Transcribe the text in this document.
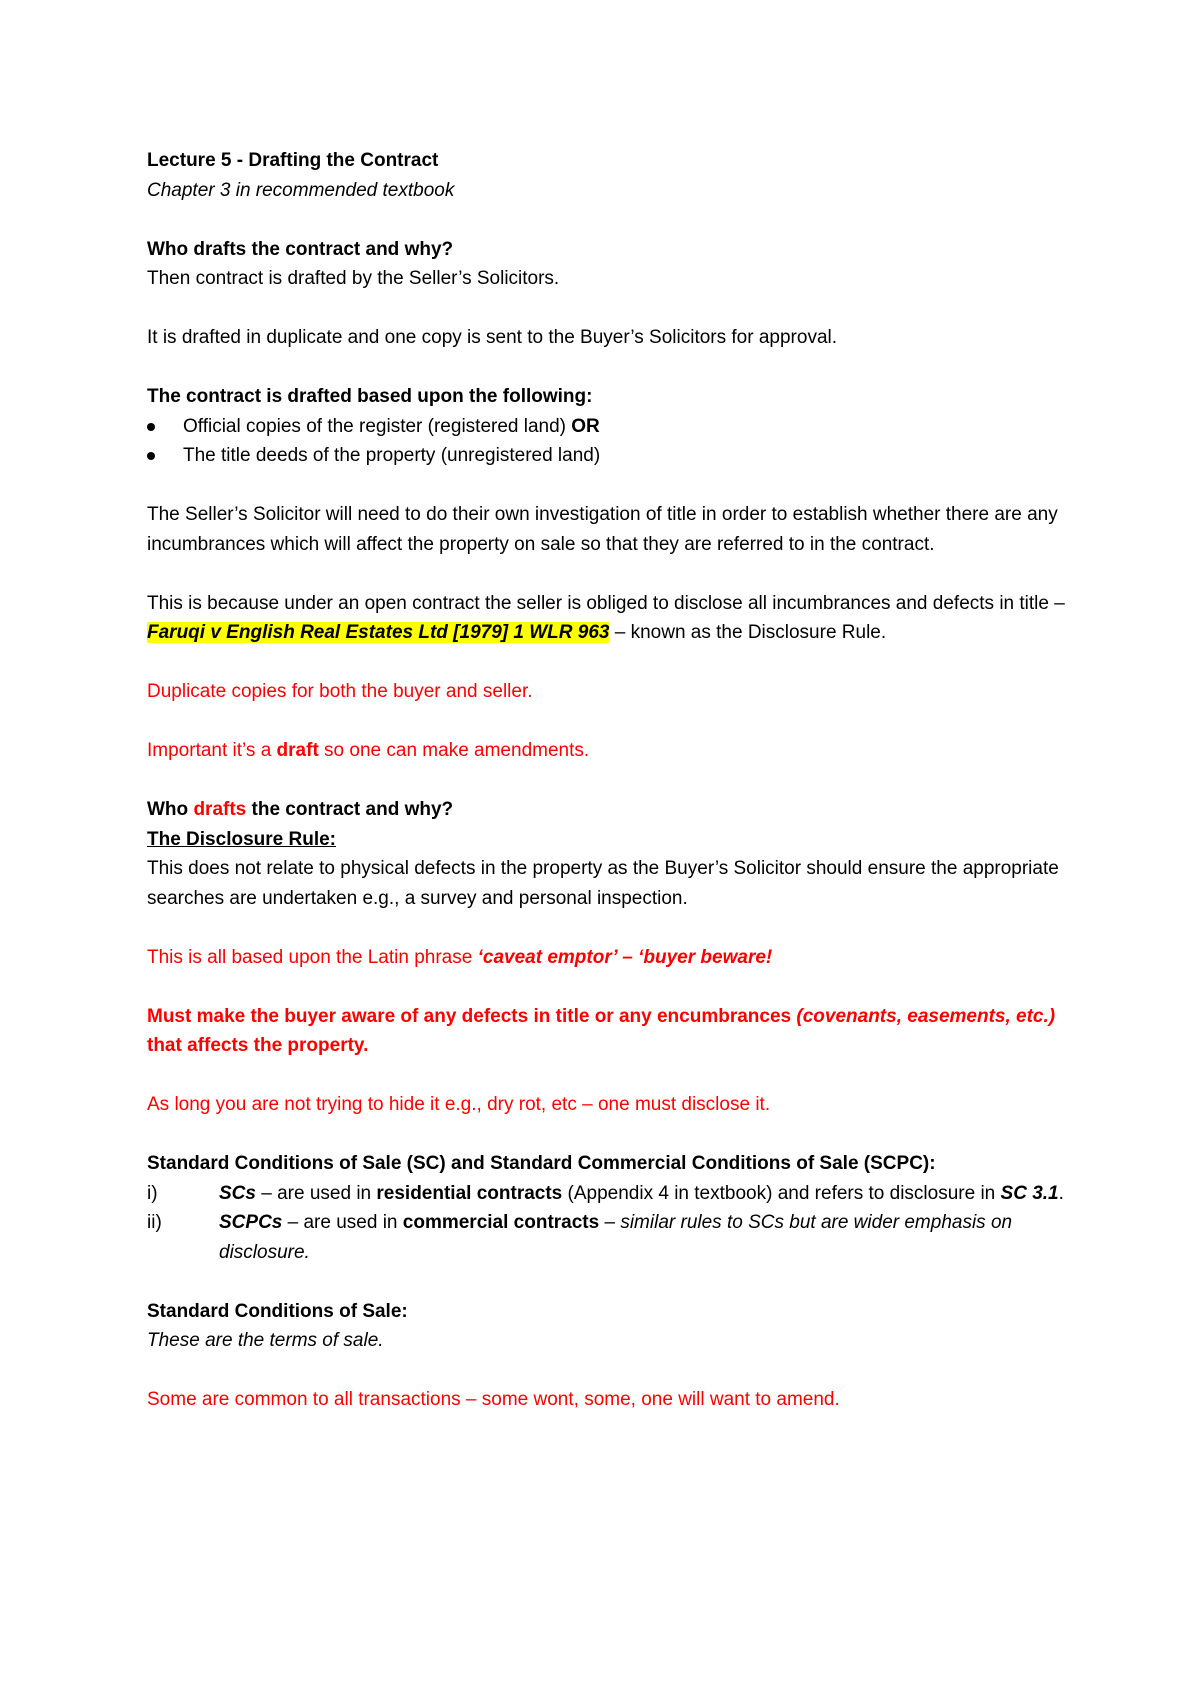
Lecture 5 - Drafting the Contract

Chapter 3 in recommended textbook

Who drafts the contract and why?

Then contract is drafted by the Seller’s Solicitors.

It is drafted in duplicate and one copy is sent to the Buyer’s Solicitors for approval.

The contract is drafted based upon the following:

Official copies of the register (registered land) OR
The title deeds of the property (unregistered land)

The Seller’s Solicitor will need to do their own investigation of title in order to establish whether there are any incumbrances which will affect the property on sale so that they are referred to in the contract.

This is because under an open contract the seller is obliged to disclose all incumbrances and defects in title – Faruqi v English Real Estates Ltd [1979] 1 WLR 963 – known as the Disclosure Rule.

Duplicate copies for both the buyer and seller.

Important it’s a draft so one can make amendments.

Who drafts the contract and why?

The Disclosure Rule:

This does not relate to physical defects in the property as the Buyer’s Solicitor should ensure the appropriate searches are undertaken e.g., a survey and personal inspection.

This is all based upon the Latin phrase ‘caveat emptor’ – ‘buyer beware!

Must make the buyer aware of any defects in title or any encumbrances (covenants, easements, etc.) that affects the property.

As long you are not trying to hide it e.g., dry rot, etc – one must disclose it.

Standard Conditions of Sale (SC) and Standard Commercial Conditions of Sale (SCPC):

i)	SCs – are used in residential contracts (Appendix 4 in textbook) and refers to disclosure in SC 3.1.
ii)	SCPCs – are used in commercial contracts – similar rules to SCs but are wider emphasis on disclosure.

Standard Conditions of Sale:

These are the terms of sale.

Some are common to all transactions – some wont, some, one will want to amend.
